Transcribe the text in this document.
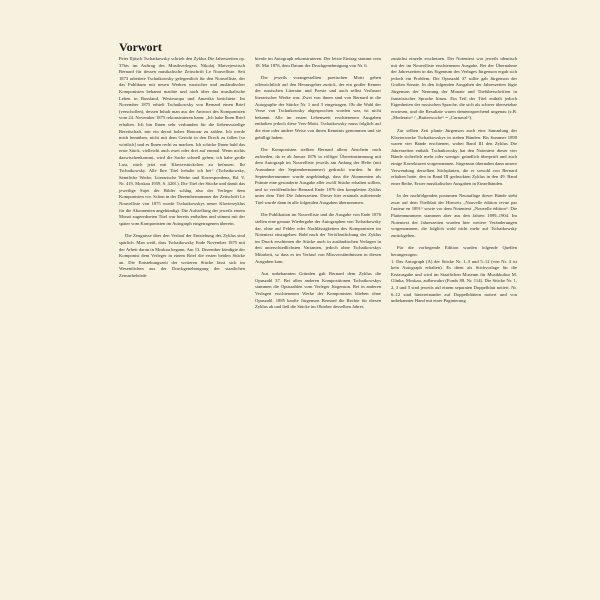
Vorwort

Peter Iljitsch Tschaikowsky schrieb den Zyklus Die Jahreszeiten op. 37bis im Auftrag des Musikverlegers Nikolaj Matvejewitsch Bernard für dessen musikalische Zeitschrift Le Nouvelliste. Seit 1873 arbeitete Tschaikowsky gelegentlich für den Nouvelliste, der das Publikum mit neuen Werken russischer und ausländischer Komponisten bekannt machte und auch über das musikalische Leben in Russland, Westeuropa und Amerika berichtete. Im November 1875 erhielt Tschaikowsky von Bernard einen Brief (verschollen), dessen Inhalt man aus der Antwort des Komponisten vom 24. November 1875 rekonstruieren kann: „Ich habe Ihren Brief erhalten. Ich bin Ihnen sehr verbunden für die liebenswürdige Bereitschaft, mir ein derart hohes Honorar zu zahlen. Ich werde mich bemühen, nicht mit dem Gericht in den Dreck zu fallen [so wörtlich] und es Ihnen recht zu machen. Ich schicke Ihnen bald das erste Stück, vielleicht auch zwei oder drei auf einmal. Wenn nichts dazwischenkommt, wird die Sache schnell gehen; ich habe große Lust, mich jetzt mit Klavierstückchen zu befassen. Ihr Tschaikowsky. Alle Ihre Titel behalte ich bei“ (Tschaikowsky, Sämtliche Werke, Literarische Werke und Korrespondenz, Bd. V, Nr. 419, Moskau 1959, S. 420f.). Die Titel der Stücke und damit das jeweilige Sujet der Bilder schlug also der Verleger dem Komponisten vor. Schon in der Dezembernummer der Zeitschrift Le Nouvelliste von 1875 wurde Tschaikowskys neuer Klavierzyklus für die Abonnenten angekündigt. Die Aufstellung der jeweils einem Monat zugeordneten Titel war bereits enthalten und stimmt mit der später vom Komponisten im Autograph eingetragenen überein.

Die Zeugnisse über den Verlauf der Entstehung des Zyklus sind spärlich. Man weiß, dass Tschaikowsky Ende November 1875 mit der Arbeit daran in Moskau begann. Am 13. Dezember kündigte der Komponist dem Verleger in einem Brief die ersten beiden Stücke an. Die Entstehungszeit der weiteren Stücke lässt sich im Wesentlichen aus der Druckgenehmigung der staatlichen Zensurbehörde

bierde im Autograph rekonstruieren. Der letzte Eintrag stammt vom 18. Mai 1876, dem Datum der Druckgenehmigung von Nr. 6.

Die jeweils vorangestellten poetischen Motti gehen offensichtlich auf den Herausgeber zurück, der ein großer Kenner der russischen Literatur und Poesie und auch selbst Verfasser literarischer Werke war. Zwei von ihnen sind von Bernard in die Autographe der Stücke Nr. 1 und 3 eingetragen. Ob die Wahl der Verse von Tschaikowsky abgesprochen worden war, ist nicht bekannt. Alle im ersten Lebenszeit erschienenen Ausgaben enthalten jedoch diese Vers-Motti. Tschaikowsky muss folglich auf die eine oder andere Weise von ihnen Kenntnis genommen und sie gebilligt haben.

Die Komponisten stellten Bernard allem Anschein nach zufrieden, da er ab Januar 1876 in völliger Übereinstimmung mit dem Autograph im Nouvelliste jeweils am Anfang der Hefte (mit Ausnahme der Septembernummer) gedruckt wurden. In der Septembernummer wurde angekündigt, dass die Abonnenten als Prämie eine gesonderte Ausgabe aller zwölf Stücke erhalten sollten, und so veröffentlichte Bernard Ende 1876 den kompletten Zyklus unter dem Titel Die Jahreszeiten. Dieser hier erstmals auftretende Titel wurde dann in alle folgenden Ausgaben übernommen.

Die Publikation im Nouvelliste und die Ausgabe von Ende 1876 stellen eine genaue Wiedergabe der Autographen von Tschaikowsky dar, ohne auf Fehler oder Nachlässigkeiten des Komponisten im Notentext einzugehen. Bald nach der Veröffentlichung des Zyklus im Druck erschienen die Stücke auch in ausländischen Verlagen in den unterschiedlichsten Varianten, jedoch ohne Tschaikowskys Mitarbeit, so dass es im Verlauf von Missverständnissen in diesen Ausgaben kam.

Aus unbekannten Gründen gab Bernard dem Zyklus die Opuszahl 37. Bei allen anderen Kompositionen Tschaikowskys stammen die Opuszahlen vom Verleger Jürgenson. Bei in anderen Verlagen erschienenen Werke der Komponisten blieben ohne Opuszahl. 1885 kaufte Jürgenson Bernard die Rechte für diesen Zyklus ab und ließ die Stücke im Oktober desselben Jahres

zunächst einzeln erscheinen. Der Notentext war jeweils identisch mit der im Nouvelliste erschienenen Ausgabe. Bei der Übernahme der Jahreszeiten in das Eigentum des Verlages Jürgenson ergab sich jedoch ein Problem. Die Opuszahl 37 sollte gab Jürgenson der Großen Sonate. In den folgenden Ausgaben der Jahreszeiten fügte Jürgenson der Nennung der Monate und Titelüberschriften in französischer Sprache hinzu. Ein Teil der Titel enthält jedoch Eigenheiten der russischen Sprache, die sich als schwer übersetzbar erwiesen, und die Resultate waren dementsprechend ungenau (z.B. „Moderato“ / „Butterwoche“ = „Carnaval“).

Zur selben Zeit plante Jürgenson auch eine Sammlung der Klavierwerke Tschaikowskys in sieben Bänden. Bis Sommer 1890 waren vier Bände erschienen, wobei Band III den Zyklus Die Jahreszeiten enthält. Tschaikowsky hat den Notentext dieser vier Bände sicherlich mehr oder weniger gründlich überprüft und auch einige Korrekturen vorgenommen. Jürgenson übernahm dann unsere Verwendung derselben Stichplatten, die er sowohl von Bernard erhalten hatte, den in Band III gedruckten Zyklus in den 49. Band einer Reihe, Erster musikalischer Ausgaben in Einzelbänden.

In der nachfolgenden postumen Neuauflage dieser Bände steht zwar auf dem Titelblatt der Hinweis „Nouvelle édition revue par l'auteur en 1891“ sowie vor dem Notentext „Nouvelle édition“. Die Plattennummern stammen aber aus den Jahren 1899–1904. Im Notentext der Jahreszeiten wurden hier weitere Veränderungen vorgenommen, die folglich wohl nicht mehr auf Tschaikowsky zurückgehen.

Für die vorliegende Edition wurden folgende Quellen herangezogen:

1. Das Autograph (A) der Stücke Nr. 1–3 und 5–12 (von Nr. 4 ist kein Autograph erhalten). Es dient als Stichvorlage für die Erstausgabe und wird im Staatlichen Museum für Musikkultur M. Glinka, Moskau, aufbewahrt (Fonds 88, Nr. 114). Die Stücke Nr. 1, 2, 3 und 5 sind jeweils auf einem separaten Doppelblatt notiert. Nr. 6–12 sind hintereinander auf Doppelblättern notiert und von unbekannter Hand mit einer Paginierung
